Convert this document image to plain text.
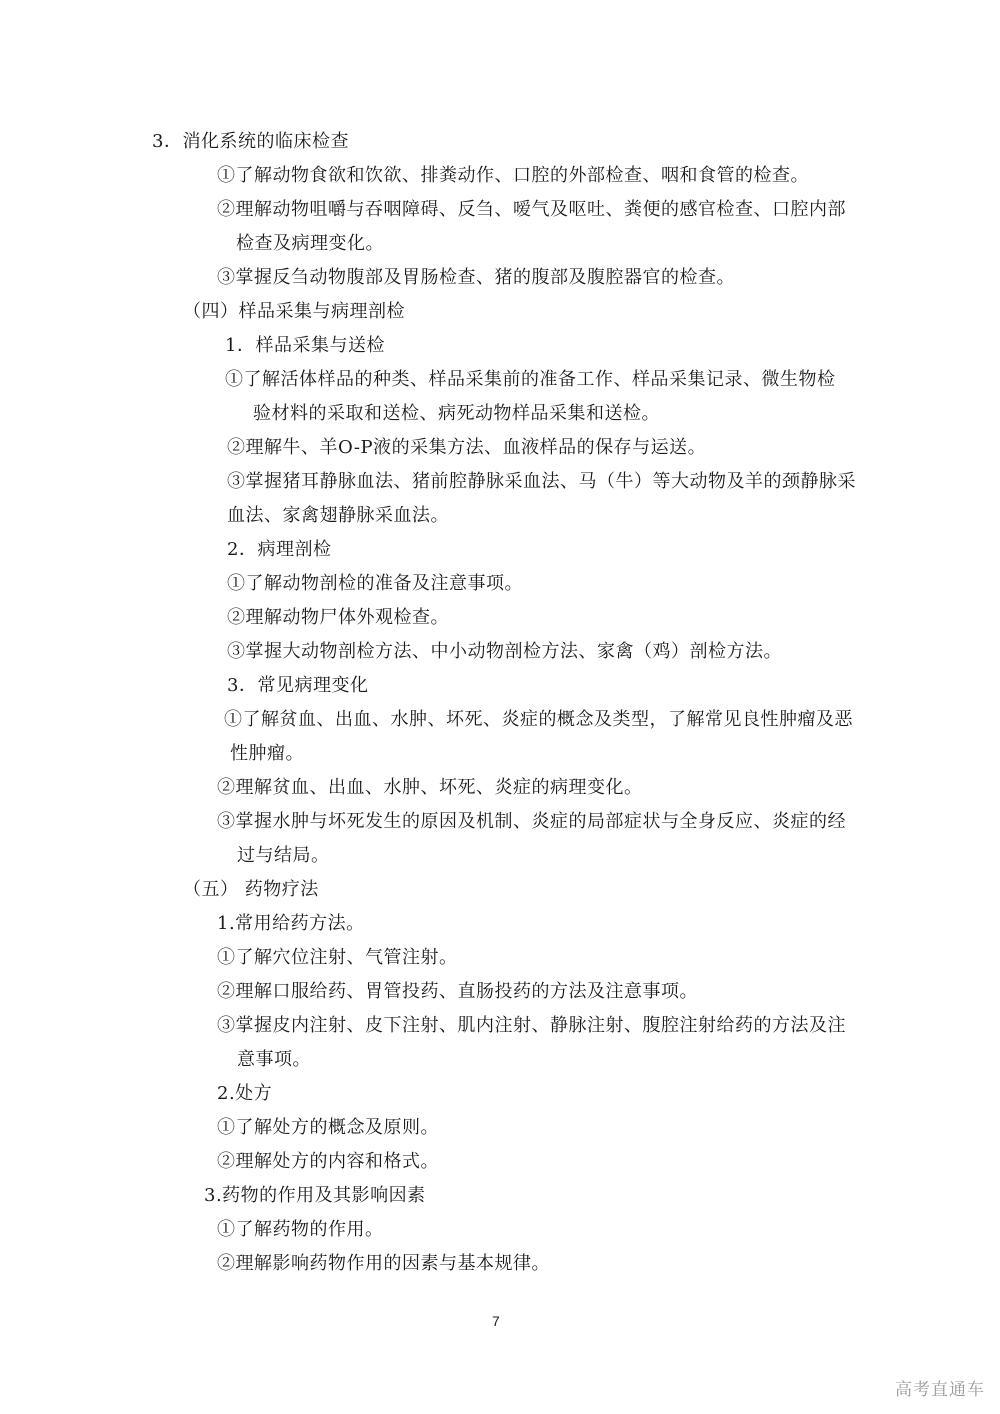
3．消化系统的临床检查
①了解动物食欲和饮欲、排粪动作、口腔的外部检查、咽和食管的检查。
②理解动物咀嚼与吞咽障碍、反刍、嗳气及呕吐、粪便的感官检查、口腔内部
检查及病理变化。
③掌握反刍动物腹部及胃肠检查、猪的腹部及腹腔器官的检查。
（四）样品采集与病理剖检
1．样品采集与送检
①了解活体样品的种类、样品采集前的准备工作、样品采集记录、微生物检
验材料的采取和送检、病死动物样品采集和送检。
②理解牛、羊O-P液的采集方法、血液样品的保存与运送。
③掌握猪耳静脉血法、猪前腔静脉采血法、马（牛）等大动物及羊的颈静脉采
血法、家禽翅静脉采血法。
2．病理剖检
①了解动物剖检的准备及注意事项。
②理解动物尸体外观检查。
③掌握大动物剖检方法、中小动物剖检方法、家禽（鸡）剖检方法。
3．常见病理变化
①了解贫血、出血、水肿、坏死、炎症的概念及类型，了解常见良性肿瘤及恶
性肿瘤。
②理解贫血、出血、水肿、坏死、炎症的病理变化。
③掌握水肿与坏死发生的原因及机制、炎症的局部症状与全身反应、炎症的经
过与结局。
（五） 药物疗法
1.常用给药方法。
①了解穴位注射、气管注射。
②理解口服给药、胃管投药、直肠投药的方法及注意事项。
③掌握皮内注射、皮下注射、肌内注射、静脉注射、腹腔注射给药的方法及注
意事项。
2.处方
①了解处方的概念及原则。
②理解处方的内容和格式。
3.药物的作用及其影响因素
①了解药物的作用。
②理解影响药物作用的因素与基本规律。
7
高考直通车
